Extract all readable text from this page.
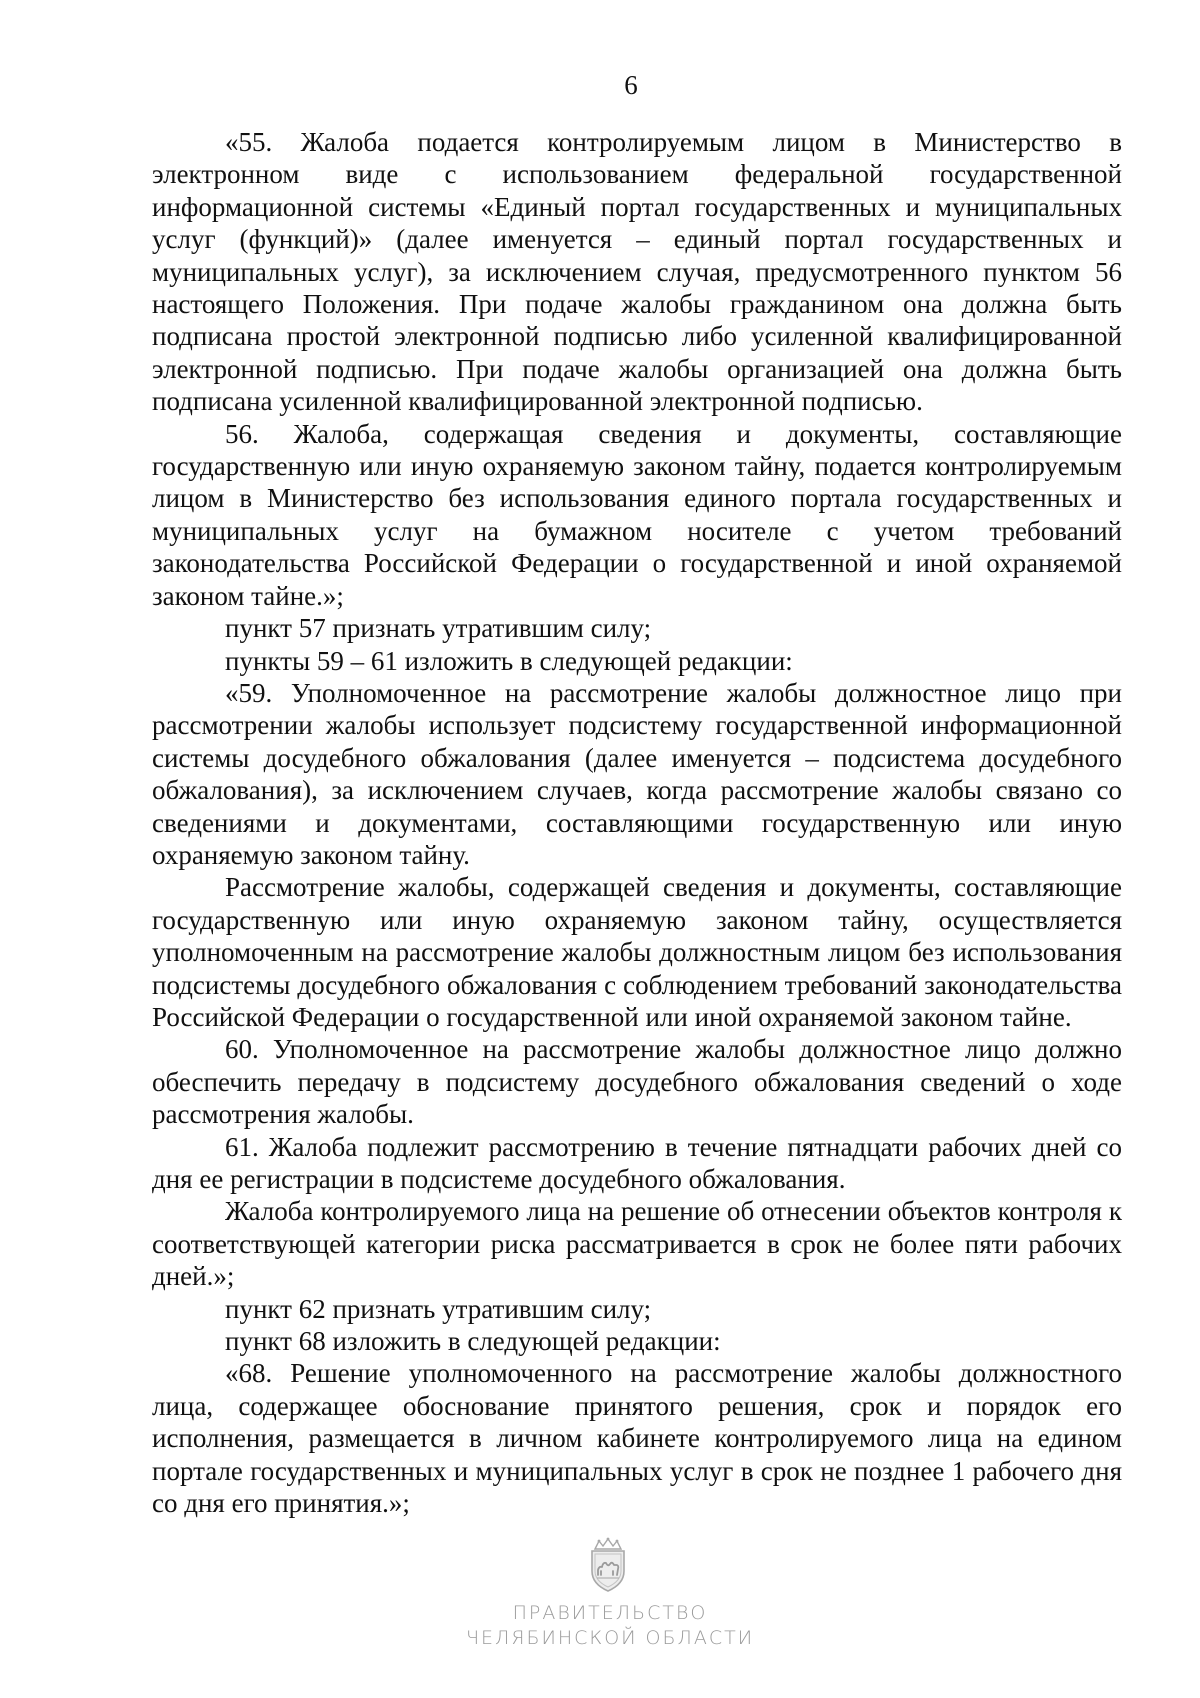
6

«55. Жалоба подается контролируемым лицом в Министерство в электронном виде с использованием федеральной государственной информационной системы «Единый портал государственных и муниципальных услуг (функций)» (далее именуется – единый портал государственных и муниципальных услуг), за исключением случая, предусмотренного пунктом 56 настоящего Положения. При подаче жалобы гражданином она должна быть подписана простой электронной подписью либо усиленной квалифицированной электронной подписью. При подаче жалобы организацией она должна быть подписана усиленной квалифицированной электронной подписью.

56. Жалоба, содержащая сведения и документы, составляющие государственную или иную охраняемую законом тайну, подается контролируемым лицом в Министерство без использования единого портала государственных и муниципальных услуг на бумажном носителе с учетом требований законодательства Российской Федерации о государственной и иной охраняемой законом тайне.»;

пункт 57 признать утратившим силу;

пункты 59 – 61 изложить в следующей редакции:

«59. Уполномоченное на рассмотрение жалобы должностное лицо при рассмотрении жалобы использует подсистему государственной информационной системы досудебного обжалования (далее именуется – подсистема досудебного обжалования), за исключением случаев, когда рассмотрение жалобы связано со сведениями и документами, составляющими государственную или иную охраняемую законом тайну.

Рассмотрение жалобы, содержащей сведения и документы, составляющие государственную или иную охраняемую законом тайну, осуществляется уполномоченным на рассмотрение жалобы должностным лицом без использования подсистемы досудебного обжалования с соблюдением требований законодательства Российской Федерации о государственной или иной охраняемой законом тайне.

60. Уполномоченное на рассмотрение жалобы должностное лицо должно обеспечить передачу в подсистему досудебного обжалования сведений о ходе рассмотрения жалобы.

61. Жалоба подлежит рассмотрению в течение пятнадцати рабочих дней со дня ее регистрации в подсистеме досудебного обжалования.

Жалоба контролируемого лица на решение об отнесении объектов контроля к соответствующей категории риска рассматривается в срок не более пяти рабочих дней.»;

пункт 62 признать утратившим силу;

пункт 68 изложить в следующей редакции:

«68. Решение уполномоченного на рассмотрение жалобы должностного лица, содержащее обоснование принятого решения, срок и порядок его исполнения, размещается в личном кабинете контролируемого лица на едином портале государственных и муниципальных услуг в срок не позднее 1 рабочего дня со дня его принятия.»;

ПРАВИТЕЛЬСТВО
ЧЕЛЯБИНСКОЙ ОБЛАСТИ
